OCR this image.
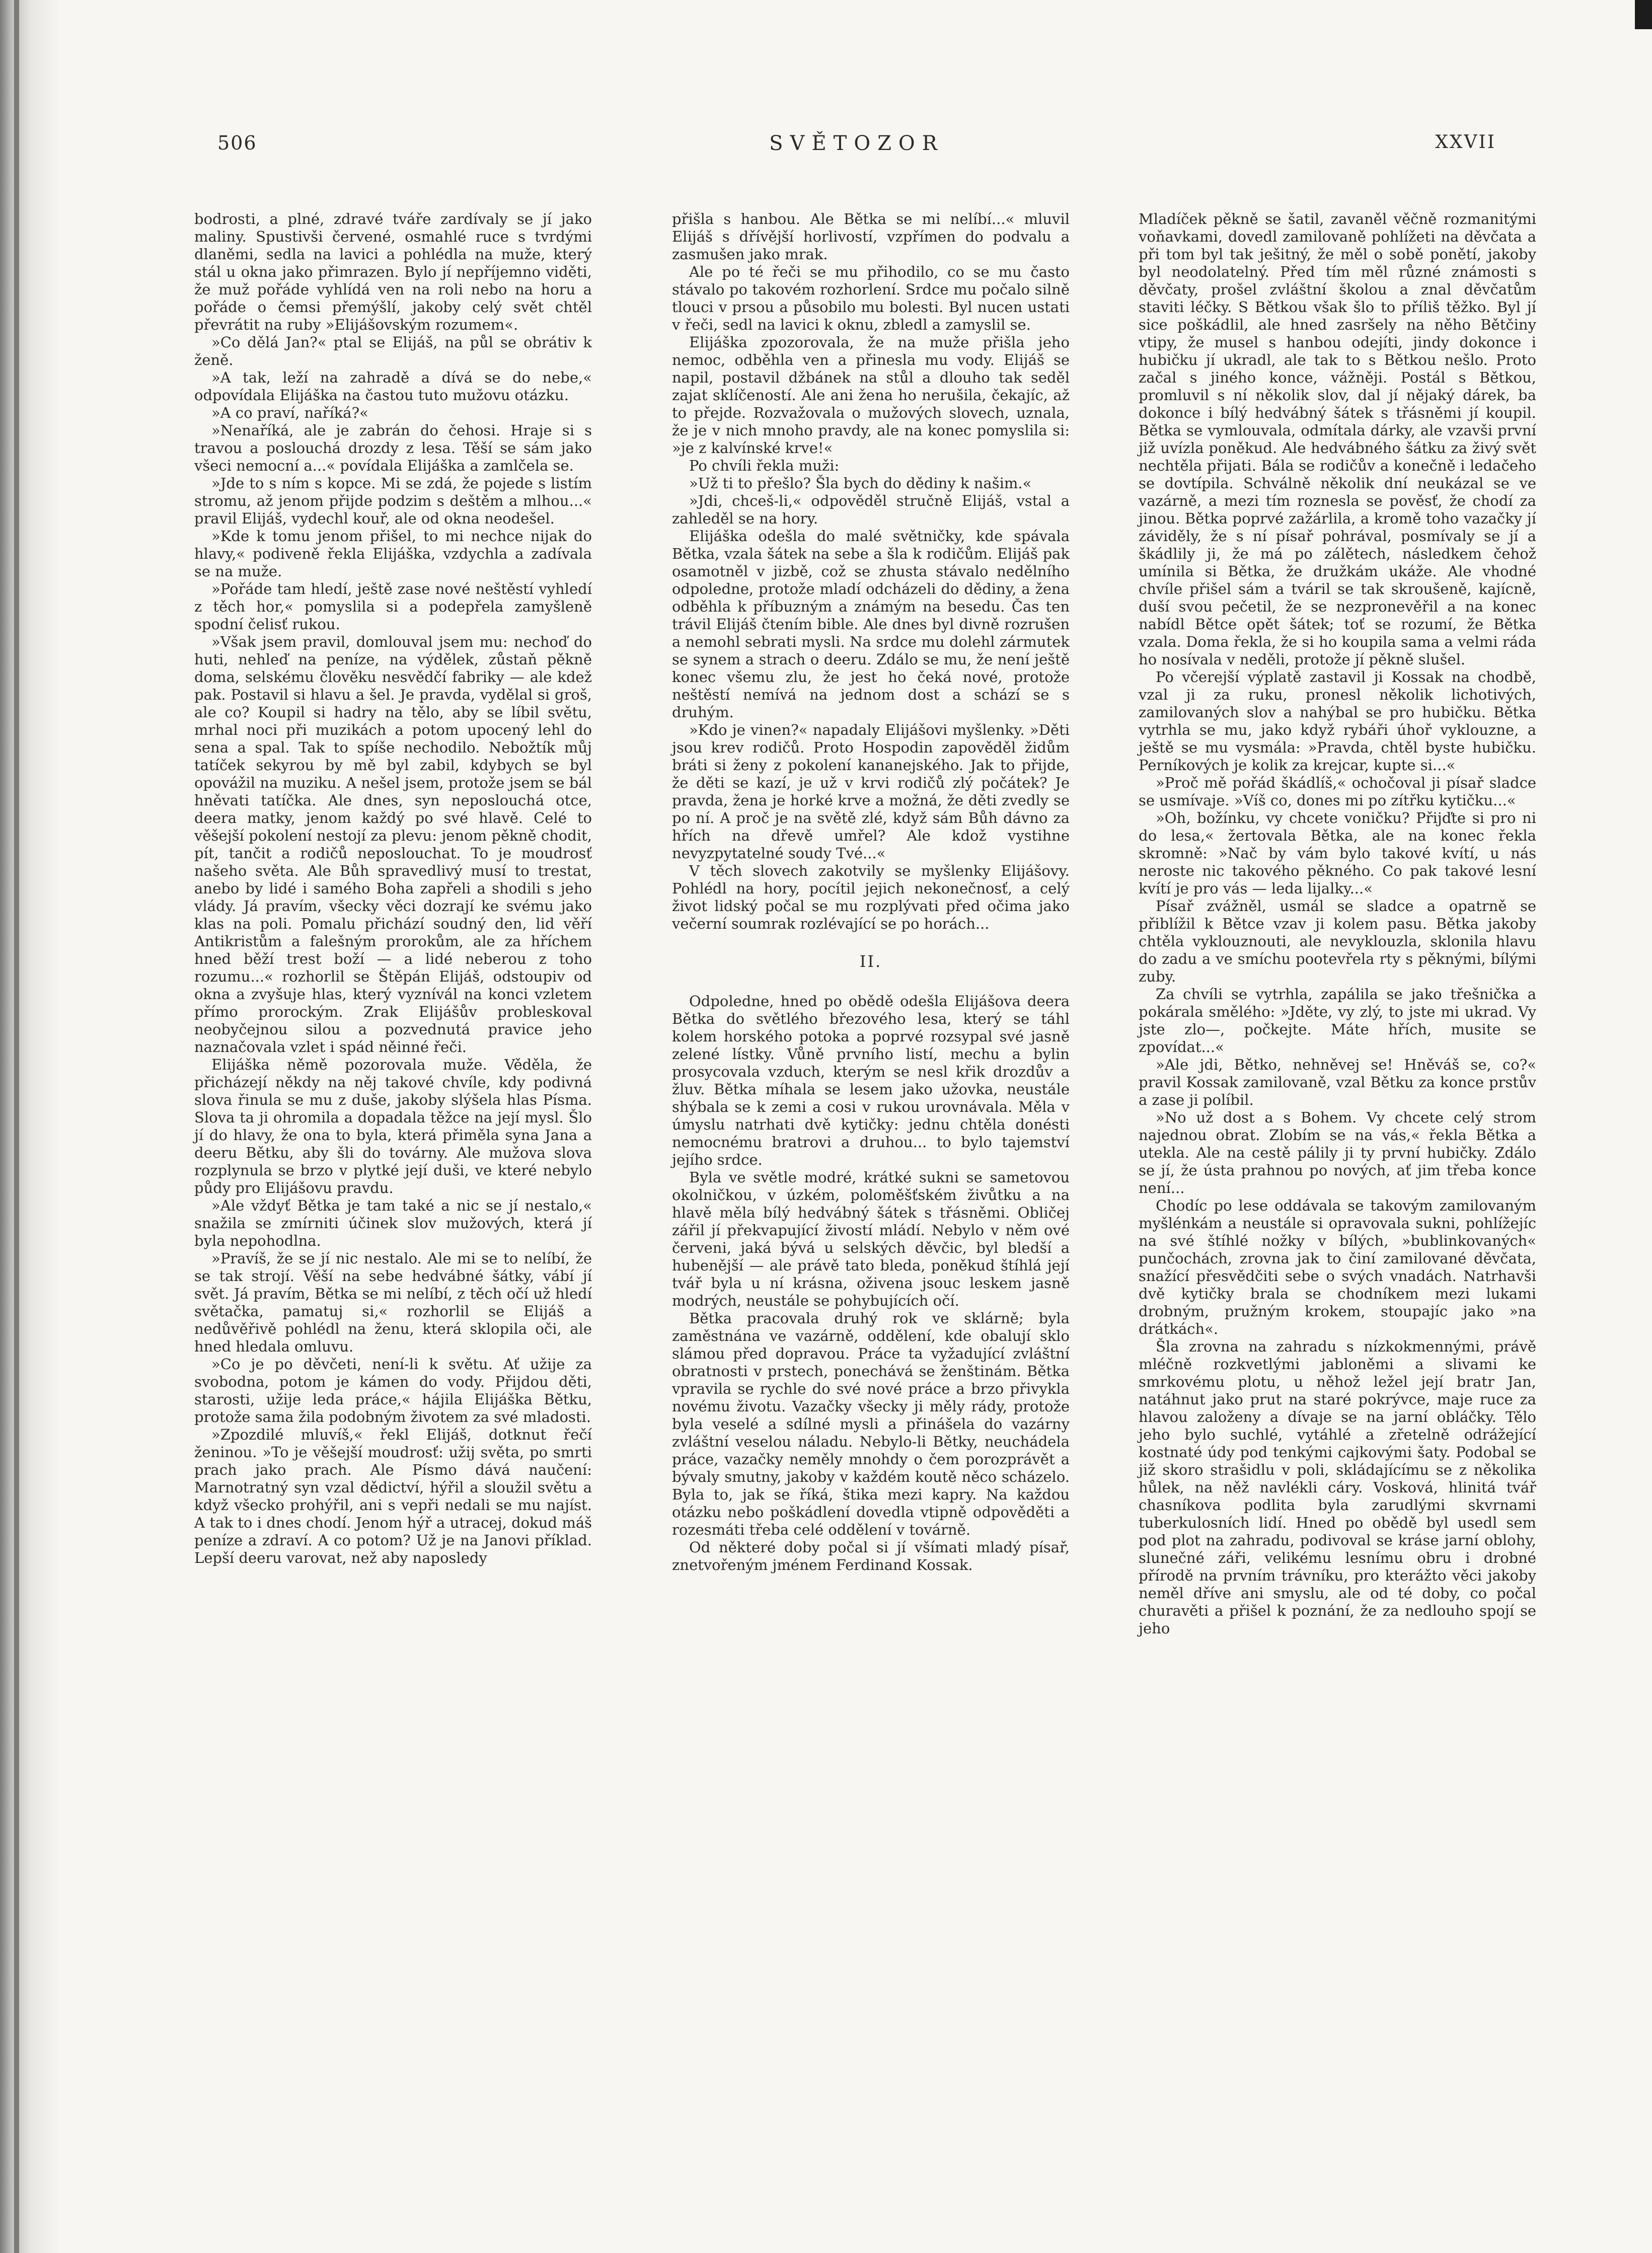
506	SVĚTOZOR	XXVII

bodrosti, a plné, zdravé tváře zardívaly se jí jako maliny. Spustivši červené, osmahlé ruce s tvrdými dlaněmi, sedla na lavici a pohlédla na muže, který stál u okna jako přimrazen. Bylo jí nepříjemno viděti, že muž pořáde vyhlídá ven na roli nebo na horu a pořáde o čemsi přemýšlí, jakoby celý svět chtěl převrátit na ruby »Elijášovským rozumem«.

»Co dělá Jan?« ptal se Elijáš, na půl se obrátiv k ženě.

»A tak, leží na zahradě a dívá se do nebe,« odpovídala Elijáška na častou tuto mužovu otázku.

»A co praví, naříká?«

»Nenaříká, ale je zabrán do čehosi. Hraje si s travou a poslouchá drozdy z lesa. Těší se sám jako všeci nemocní a...« povídala Elijáška a zamlčela se.

»Jde to s ním s kopce. Mi se zdá, že pojede s listím stromu, až jenom přijde podzim s deštěm a mlhou...« pravil Elijáš, vydechl kouř, ale od okna neodešel.

»Kde k tomu jenom přišel, to mi nechce nijak do hlavy,« podiveně řekla Elijáška, vzdychla a zadívala se na muže.

»Pořáde tam hledí, ještě zase nové neštěstí vyhledí z těch hor,« pomyslila si a podepřela zamyšleně spodní čelisť rukou.

»Však jsem pravil, domlouval jsem mu: nechoď do huti, nehleď na peníze, na výdělek, zůstaň pěkně doma, selskému člověku nesvědčí fabriky — ale kdež pak. Postavil si hlavu a šel. Je pravda, vydělal si groš, ale co? Koupil si hadry na tělo, aby se líbil světu, mrhal noci při muzikách a potom upocený lehl do sena a spal. Tak to spíše nechodilo. Nebožtík můj tatíček sekyrou by mě byl zabil, kdybych se byl opovážil na muziku. A nešel jsem, protože jsem se bál hněvati tatíčka. Ale dnes, syn neposlouchá otce, deera matky, jenom každý po své hlavě. Celé to věšejší pokolení nestojí za plevu: jenom pěkně chodit, pít, tančit a rodičů neposlouchat. To je moudrosť našeho světa. Ale Bůh spravedlivý musí to trestat, anebo by lidé i samého Boha zapřeli a shodili s jeho vlády. Já pravím, všecky věci dozrají ke svému jako klas na poli. Pomalu přichází soudný den, lid věří Antikristům a falešným prorokům, ale za hříchem hned běží trest boží — a lidé neberou z toho rozumu...« rozhorlil se Štěpán Elijáš, odstoupiv od okna a zvyšuje hlas, který vyznívál na konci vzletem přímo prorockým. Zrak Elijášův probleskoval neobyčejnou silou a pozvednutá pravice jeho naznačovala vzlet i spád něinné řeči.

Elijáška němě pozorovala muže. Věděla, že přicházejí někdy na něj takové chvíle, kdy podivná slova řinula se mu z duše, jakoby slýšela hlas Písma. Slova ta ji ohromila a dopadala těžce na její mysl. Šlo jí do hlavy, že ona to byla, která přiměla syna Jana a deeru Bětku, aby šli do továrny. Ale mužova slova rozplynula se brzo v plytké její duši, ve které nebylo půdy pro Elijášovu pravdu.

»Ale vždyť Bětka je tam také a nic se jí nestalo,« snažila se zmírniti účinek slov mužových, která jí byla nepohodlna.

»Pravíš, že se jí nic nestalo. Ale mi se to nelíbí, že se tak strojí. Věší na sebe hedvábné šátky, vábí jí svět. Já pravím, Bětka se mi nelíbí, z těch očí už hledí světačka, pamatuj si,« rozhorlil se Elijáš a nedůvěřivě pohlédl na ženu, která sklopila oči, ale hned hledala omluvu.

»Co je po děvčeti, není-li k světu. Ať užije za svobodna, potom je kámen do vody. Přijdou děti, starosti, užije leda práce,« hájila Elijáška Bětku, protože sama žila podobným životem za své mladosti.

»Zpozdilé mluvíš,« řekl Elijáš, dotknut řečí ženinou. »To je věšejší moudrosť: užij světa, po smrti prach jako prach. Ale Písmo dává naučení: Marnotratný syn vzal dědictví, hýřil a sloužil světu a když všecko prohýřil, ani s vepři nedali se mu najíst. A tak to i dnes chodí. Jenom hýř a utracej, dokud máš peníze a zdraví. A co potom? Už je na Janovi příklad. Lepší deeru varovat, než aby naposledy

přišla s hanbou. Ale Bětka se mi nelíbí...« mluvil Elijáš s dřívější horlivostí, vzpřímen do podvalu a zasmušen jako mrak.

Ale po té řeči se mu přihodilo, co se mu často stávalo po takovém rozhorlení. Srdce mu počalo silně tlouci v prsou a působilo mu bolesti. Byl nucen ustati v řeči, sedl na lavici k oknu, zbledl a zamyslil se.

Elijáška zpozorovala, že na muže přišla jeho nemoc, odběhla ven a přinesla mu vody. Elijáš se napil, postavil džbánek na stůl a dlouho tak seděl zajat sklíčeností. Ale ani žena ho nerušila, čekajíc, až to přejde. Rozvažovala o mužových slovech, uznala, že je v nich mnoho pravdy, ale na konec pomyslila si: »je z kalvínské krve!«

Po chvíli řekla muži:

»Už ti to přešlo? Šla bych do dědiny k našim.«

»Jdi, chceš-li,« odpověděl stručně Elijáš, vstal a zahleděl se na hory.

Elijáška odešla do malé světničky, kde spávala Bětka, vzala šátek na sebe a šla k rodičům. Elijáš pak osamotněl v jizbě, což se zhusta stávalo nedělního odpoledne, protože mladí odcházeli do dědiny, a žena odběhla k příbuzným a známým na besedu. Čas ten trávil Elijáš čtením bible. Ale dnes byl divně rozrušen a nemohl sebrati mysli. Na srdce mu dolehl zármutek se synem a strach o deeru. Zdálo se mu, že není ještě konec všemu zlu, že jest ho čeká nové, protože neštěstí nemívá na jednom dost a schází se s druhým.

»Kdo je vinen?« napadaly Elijášovi myšlenky. »Děti jsou krev rodičů. Proto Hospodin zapověděl židům bráti si ženy z pokolení kananejského. Jak to přijde, že děti se kazí, je už v krvi rodičů zlý počátek? Je pravda, žena je horké krve a možná, že děti zvedly se po ní. A proč je na světě zlé, když sám Bůh dávno za hřích na dřevě umřel? Ale kdož vystihne nevyzpytatelné soudy Tvé...«

V těch slovech zakotvily se myšlenky Elijášovy. Pohlédl na hory, pocítil jejich nekonečnosť, a celý život lidský počal se mu rozplývati před očima jako večerní soumrak rozlévající se po horách...

II.

Odpoledne, hned po obědě odešla Elijášova deera Bětka do světlého březového lesa, který se táhl kolem horského potoka a poprvé rozsypal své jasně zelené lístky. Vůně prvního listí, mechu a bylin prosycovala vzduch, kterým se nesl křik drozdův a žluv. Bětka míhala se lesem jako užovka, neustále shýbala se k zemi a cosi v rukou urovnávala. Měla v úmyslu natrhati dvě kytičky: jednu chtěla donésti nemocnému bratrovi a druhou... to bylo tajemství jejího srdce.

Byla ve světle modré, krátké sukni se sametovou okolničkou, v úzkém, poloměšťském živůtku a na hlavě měla bílý hedvábný šátek s třásněmi. Obličej zářil jí překvapující živostí mládí. Nebylo v něm ové červeni, jaká bývá u selských děvčic, byl bledší a hubenější — ale právě tato bleda, poněkud štíhlá její tvář byla u ní krásna, oživena jsouc leskem jasně modrých, neustále se pohybujících očí.

Bětka pracovala druhý rok ve sklárně; byla zaměstnána ve vazárně, oddělení, kde obalují sklo slámou před dopravou. Práce ta vyžadující zvláštní obratnosti v prstech, ponechává se ženštinám. Bětka vpravila se rychle do své nové práce a brzo přivykla novému životu. Vazačky všecky ji měly rády, protože byla veselé a sdílné mysli a přinášela do vazárny zvláštní veselou náladu. Nebylo-li Bětky, neuchádela práce, vazačky neměly mnohdy o čem porozprávět a bývaly smutny, jakoby v každém koutě něco scházelo. Byla to, jak se říká, štika mezi kapry. Na každou otázku nebo poškádlení dovedla vtipně odpověděti a rozesmáti třeba celé oddělení v továrně.

Od některé doby počal si jí všímati mladý písař, znetvořeným jménem Ferdinand Kossak.

Mladíček pěkně se šatil, zavaněl věčně rozmanitými voňavkami, dovedl zamilovaně pohlížeti na děvčata a při tom byl tak ješitný, že měl o sobě ponětí, jakoby byl neodolatelný. Před tím měl různé známosti s děvčaty, prošel zvláštní školou a znal děvčatům staviti léčky. S Bětkou však šlo to příliš těžko. Byl jí sice poškádlil, ale hned zasršely na něho Bětčiny vtipy, že musel s hanbou odejíti, jindy dokonce i hubičku jí ukradl, ale tak to s Bětkou nešlo. Proto začal s jiného konce, vážněji. Postál s Bětkou, promluvil s ní několik slov, dal jí nějaký dárek, ba dokonce i bílý hedvábný šátek s třásněmi jí koupil. Bětka se vymlouvala, odmítala dárky, ale vzavši první již uvízla poněkud. Ale hedvábného šátku za živý svět nechtěla přijati. Bála se rodičův a konečně i ledačeho se dovtípila. Schválně několik dní neukázal se ve vazárně, a mezi tím roznesla se pověsť, že chodí za jinou. Bětka poprvé zažárlila, a kromě toho vazačky jí záviděly, že s ní písař pohrával, posmívaly se jí a škádlily ji, že má po zálětech, následkem čehož umínila si Bětka, že družkám ukáže. Ale vhodné chvíle přišel sám a tváril se tak skroušeně, kajícně, duší svou pečetil, že se nezpronevěřil a na konec nabídl Bětce opět šátek; toť se rozumí, že Bětka vzala. Doma řekla, že si ho koupila sama a velmi ráda ho nosívala v neděli, protože jí pěkně slušel.

Po včerejší výplatě zastavil ji Kossak na chodbě, vzal ji za ruku, pronesl několik lichotivých, zamilovaných slov a nahýbal se pro hubičku. Bětka vytrhla se mu, jako když rybáři úhoř vyklouzne, a ještě se mu vysmála: »Pravda, chtěl byste hubičku. Perníkových je kolik za krejcar, kupte si...«

»Proč mě pořád škádlíš,« ochočoval ji písař sladce se usmívaje. »Víš co, dones mi po zítřku kytičku...«

»Oh, božínku, vy chcete voničku? Přijďte si pro ni do lesa,« žertovala Bětka, ale na konec řekla skromně: »Nač by vám bylo takové kvítí, u nás neroste nic takového pěkného. Co pak takové lesní kvítí je pro vás — leda lijalky...«

Písař zvážněl, usmál se sladce a opatrně se přiblížil k Bětce vzav ji kolem pasu. Bětka jakoby chtěla vyklouznouti, ale nevyklouzla, sklonila hlavu do zadu a ve smíchu pootevřela rty s pěknými, bílými zuby.

Za chvíli se vytrhla, zapálila se jako třešnička a pokárala smělého: »Jděte, vy zlý, to jste mi ukrad. Vy jste zlo—, počkejte. Máte hřích, musite se zpovídat...«

»Ale jdi, Bětko, nehněvej se! Hněváš se, co?« pravil Kossak zamilovaně, vzal Bětku za konce prstův a zase ji políbil.

»No už dost a s Bohem. Vy chcete celý strom najednou obrat. Zlobím se na vás,« řekla Bětka a utekla. Ale na cestě pálily ji ty první hubičky. Zdálo se jí, že ústa prahnou po nových, ať jim třeba konce není...

Chodíc po lese oddávala se takovým zamilovaným myšlénkám a neustále si opravovala sukni, pohlížejíc na své štíhlé nožky v bílých, »bublinkovaných« punčochách, zrovna jak to činí zamilované děvčata, snažící přesvědčiti sebe o svých vnadách. Natrhavši dvě kytičky brala se chodníkem mezi lukami drobným, pružným krokem, stoupajíc jako »na drátkách«.

Šla zrovna na zahradu s nízkokmennými, právě mléčně rozkvetlými jabloněmi a slivami ke smrkovému plotu, u něhož ležel její bratr Jan, natáhnut jako prut na staré pokrývce, maje ruce za hlavou založeny a dívaje se na jarní obláčky. Tělo jeho bylo suchlé, vytáhlé a zřetelně odrážející kostnaté údy pod tenkými cajkovými šaty. Podobal se již skoro strašidlu v poli, skládajícímu se z několika hůlek, na něž navlékli cáry. Vosková, hlinitá tvář chasníkova podlita byla zarudlými skvrnami tuberkulosních lidí. Hned po obědě byl usedl sem pod plot na zahradu, podivoval se kráse jarní oblohy, slunečné záři, velikému lesnímu obru i drobné přírodě na prvním trávníku, pro kterážto věci jakoby neměl dříve ani smyslu, ale od té doby, co počal churavěti a přišel k poznání, že za nedlouho spojí se jeho
